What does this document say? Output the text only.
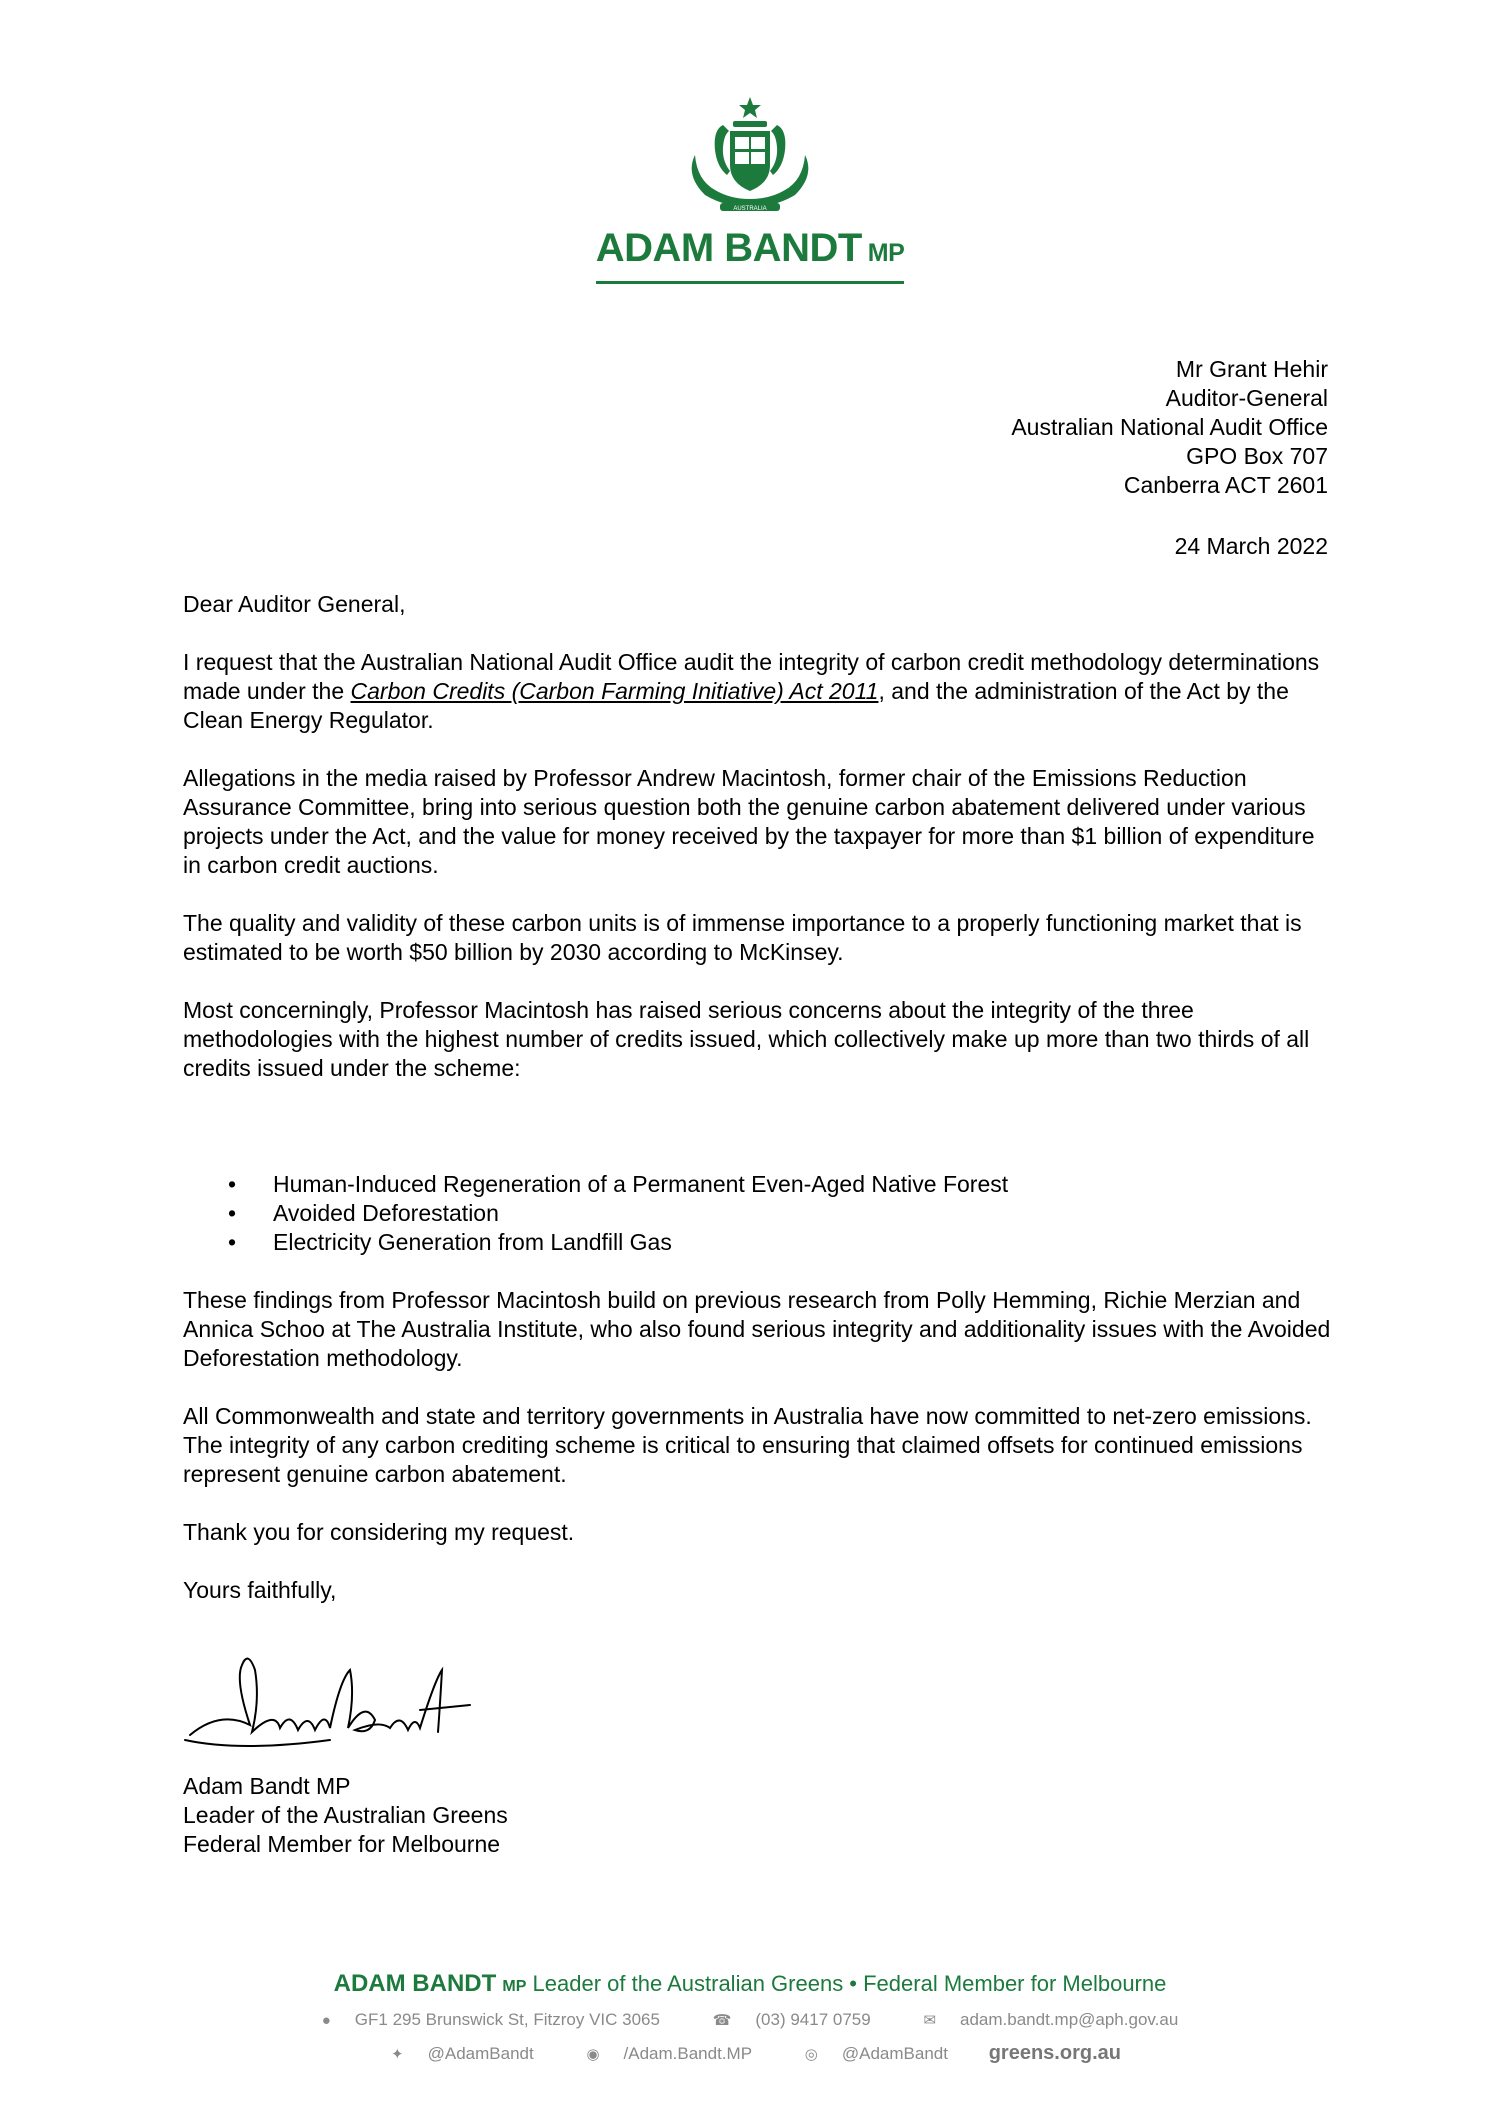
AUSTRALIA
ADAM BANDT MP
Mr Grant Hehir
Auditor-General
Australian National Audit Office
GPO Box 707
Canberra ACT 2601
24 March 2022

Dear Auditor General,

I request that the Australian National Audit Office audit the integrity of carbon credit methodology determinations made under the Carbon Credits (Carbon Farming Initiative) Act 2011, and the administration of the Act by the Clean Energy Regulator.

Allegations in the media raised by Professor Andrew Macintosh, former chair of the Emissions Reduction Assurance Committee, bring into serious question both the genuine carbon abatement delivered under various projects under the Act, and the value for money received by the taxpayer for more than $1 billion of expenditure in carbon credit auctions.

The quality and validity of these carbon units is of immense importance to a properly functioning market that is estimated to be worth $50 billion by 2030 according to McKinsey.

Most concerningly, Professor Macintosh has raised serious concerns about the integrity of the three methodologies with the highest number of credits issued, which collectively make up more than two thirds of all credits issued under the scheme:

• Human-Induced Regeneration of a Permanent Even-Aged Native Forest
• Avoided Deforestation
• Electricity Generation from Landfill Gas

These findings from Professor Macintosh build on previous research from Polly Hemming, Richie Merzian and Annica Schoo at The Australia Institute, who also found serious integrity and additionality issues with the Avoided Deforestation methodology.

All Commonwealth and state and territory governments in Australia have now committed to net-zero emissions. The integrity of any carbon crediting scheme is critical to ensuring that claimed offsets for continued emissions represent genuine carbon abatement.

Thank you for considering my request.

Yours faithfully,

Adam Bandt MP
Leader of the Australian Greens
Federal Member for Melbourne
ADAM BANDT MP Leader of the Australian Greens • Federal Member for Melbourne
● GF1 295 Brunswick St, Fitzroy VIC 3065	☎ (03) 9417 0759	✉ adam.bandt.mp@aph.gov.au
✦ @AdamBandt	◉ /Adam.Bandt.MP	◎ @AdamBandt greens.org.au
